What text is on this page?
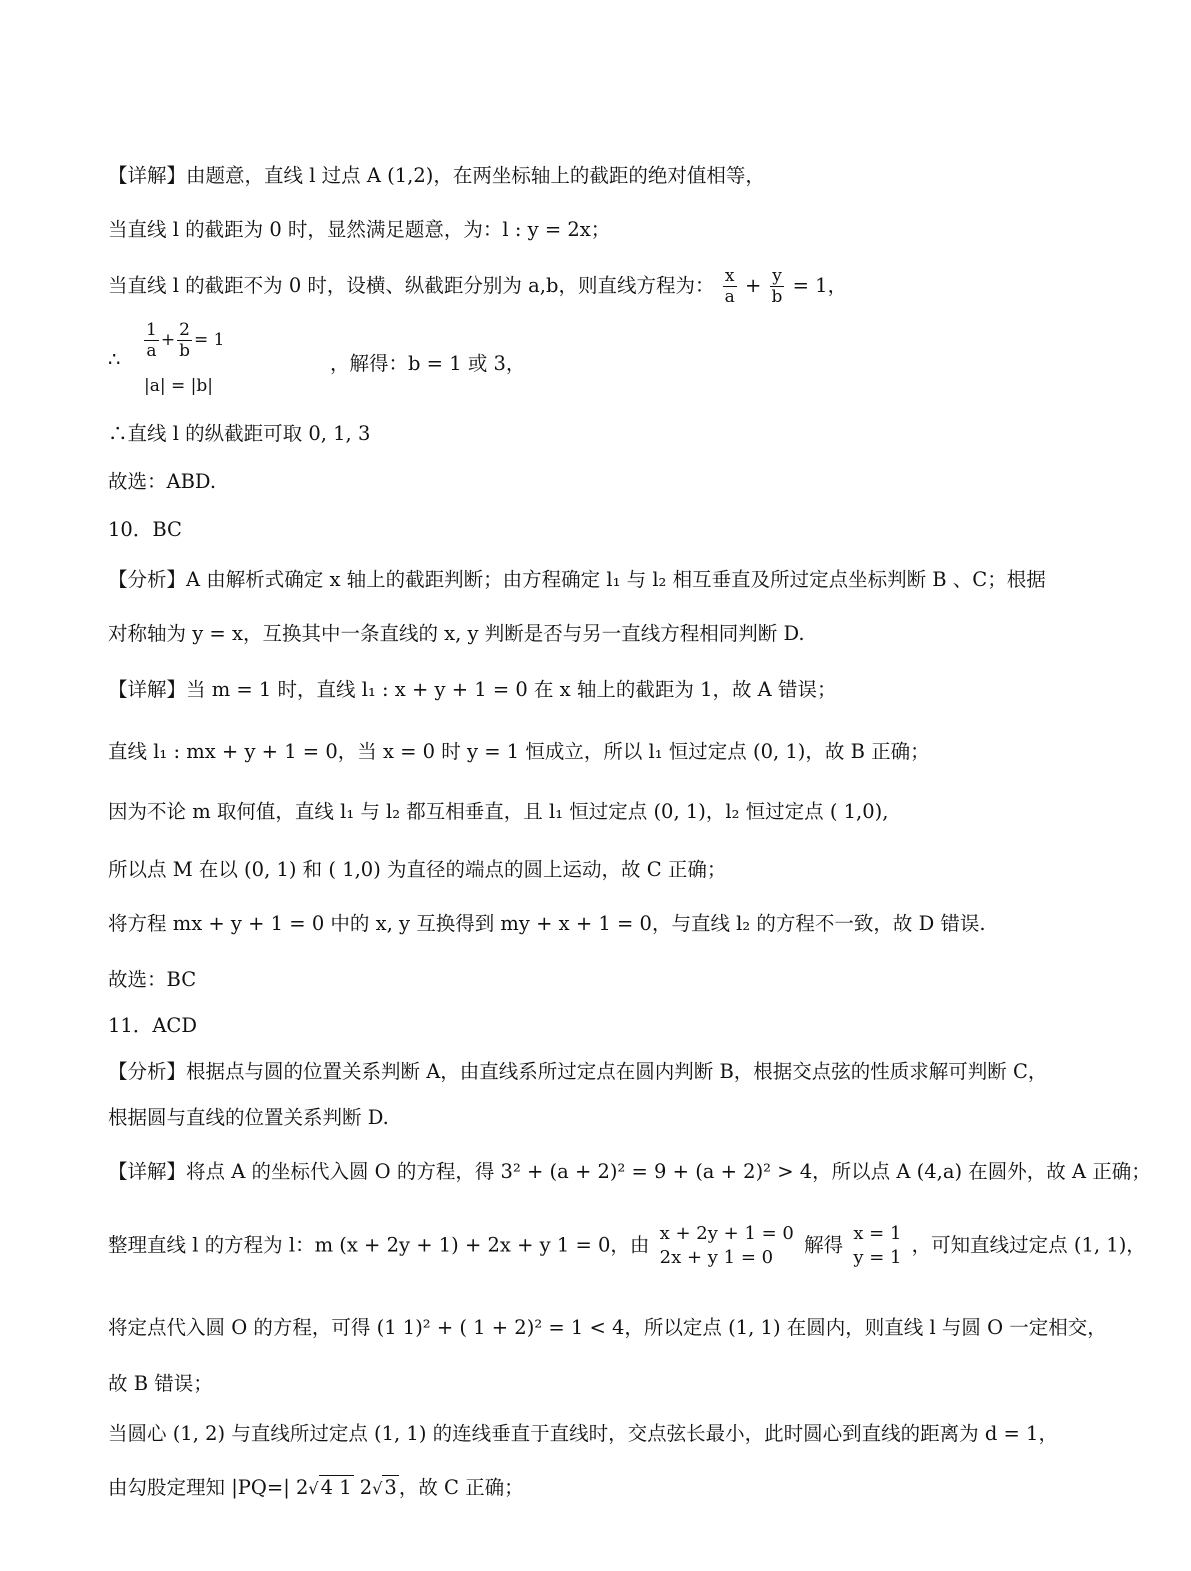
【详解】由题意，直线 l 过点 A (1,2)，在两坐标轴上的截距的绝对值相等，
当直线 l 的截距为 0 时，显然满足题意，为：l : y = 2x；
当直线 l 的截距不为 0 时，设横、纵截距分别为 a,b，则直线方程为： $\frac{x}{a} + \frac{y}{b} = 1$，
∴ $\frac{1}{a} + \frac{2}{b} = 1$
，解得：b = 1 或 3，
|a| = |b|
∴直线 l 的纵截距可取 0, 1, 3
故选：ABD.
10．BC
【分析】A 由解析式确定 x 轴上的截距判断；由方程确定 l₁ 与 l₂ 相互垂直及所过定点坐标判断 B 、C；根据
对称轴为 y = x，互换其中一条直线的 x, y 判断是否与另一直线方程相同判断 D.
【详解】当 m = 1 时，直线 l₁ : x + y + 1 = 0 在 x 轴上的截距为 1，故 A 错误；
直线 l₁ : mx + y + 1 = 0，当 x = 0 时 y = 1 恒成立，所以 l₁ 恒过定点 (0, 1)，故 B 正确；
因为不论 m 取何值，直线 l₁ 与 l₂ 都互相垂直，且 l₁ 恒过定点 (0, 1)，l₂ 恒过定点 ( 1,0),
所以点 M 在以 (0, 1) 和 ( 1,0) 为直径的端点的圆上运动，故 C 正确；
将方程 mx + y + 1 = 0 中的 x, y 互换得到 my + x + 1 = 0，与直线 l₂ 的方程不一致，故 D 错误.
故选：BC
11．ACD
【分析】根据点与圆的位置关系判断 A，由直线系所过定点在圆内判断 B，根据交点弦的性质求解可判断 C，
根据圆与直线的位置关系判断 D.
【详解】将点 A 的坐标代入圆 O 的方程，得 3² + (a + 2)² = 9 + (a + 2)² > 4，所以点 A (4,a) 在圆外，故 A 正确；
整理直线 l 的方程为 l：m (x + 2y + 1) + 2x + y 1 = 0，由 x + 2y + 1 = 0
2x + y 1 = 0
解得 x = 1
y = 1
，可知直线过定点 (1, 1)，
将定点代入圆 O 的方程，可得 (1 1)² + ( 1 + 2)² = 1 < 4，所以定点 (1, 1) 在圆内，则直线 l 与圆 O 一定相交，
故 B 错误；
当圆心 (1, 2) 与直线所过定点 (1, 1) 的连线垂直于直线时，交点弦长最小，此时圆心到直线的距离为 d = 1，
由勾股定理知 |PQ=| 2√ 4 1 2√ 3 ，故 C 正确；
